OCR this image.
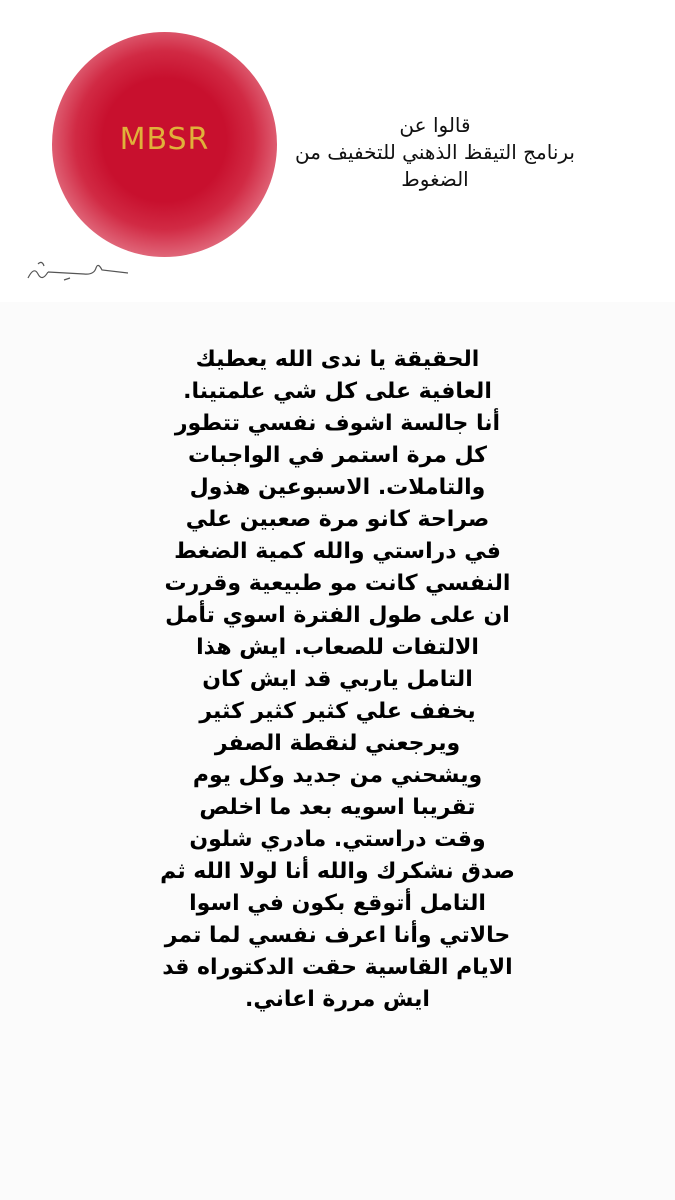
MBSR	قالوا عن
برنامج التيقظ الذهني للتخفيف من
الضغوط
الحقيقة يا ندى الله يعطيك
العافية على كل شي علمتينا.
أنا جالسة اشوف نفسي تتطور
كل مرة استمر في الواجبات
والتاملات. الاسبوعين هذول
صراحة كانو مرة صعبين علي
في دراستي والله كمية الضغط
النفسي كانت مو طبيعية وقررت
ان على طول الفترة اسوي تأمل
الالتفات للصعاب. ايش هذا
التامل ياربي قد ايش كان
يخفف علي كثير كثير كثير
ويرجعني لنقطة الصفر
ويشحني من جديد وكل يوم
تقريبا اسويه بعد ما اخلص
وقت دراستي. مادري شلون
صدق نشكرك والله أنا لولا الله ثم
التامل أتوقع بكون في اسوا
حالاتي وأنا اعرف نفسي لما تمر
الايام القاسية حقت الدكتوراه قد
ايش مررة اعاني.
